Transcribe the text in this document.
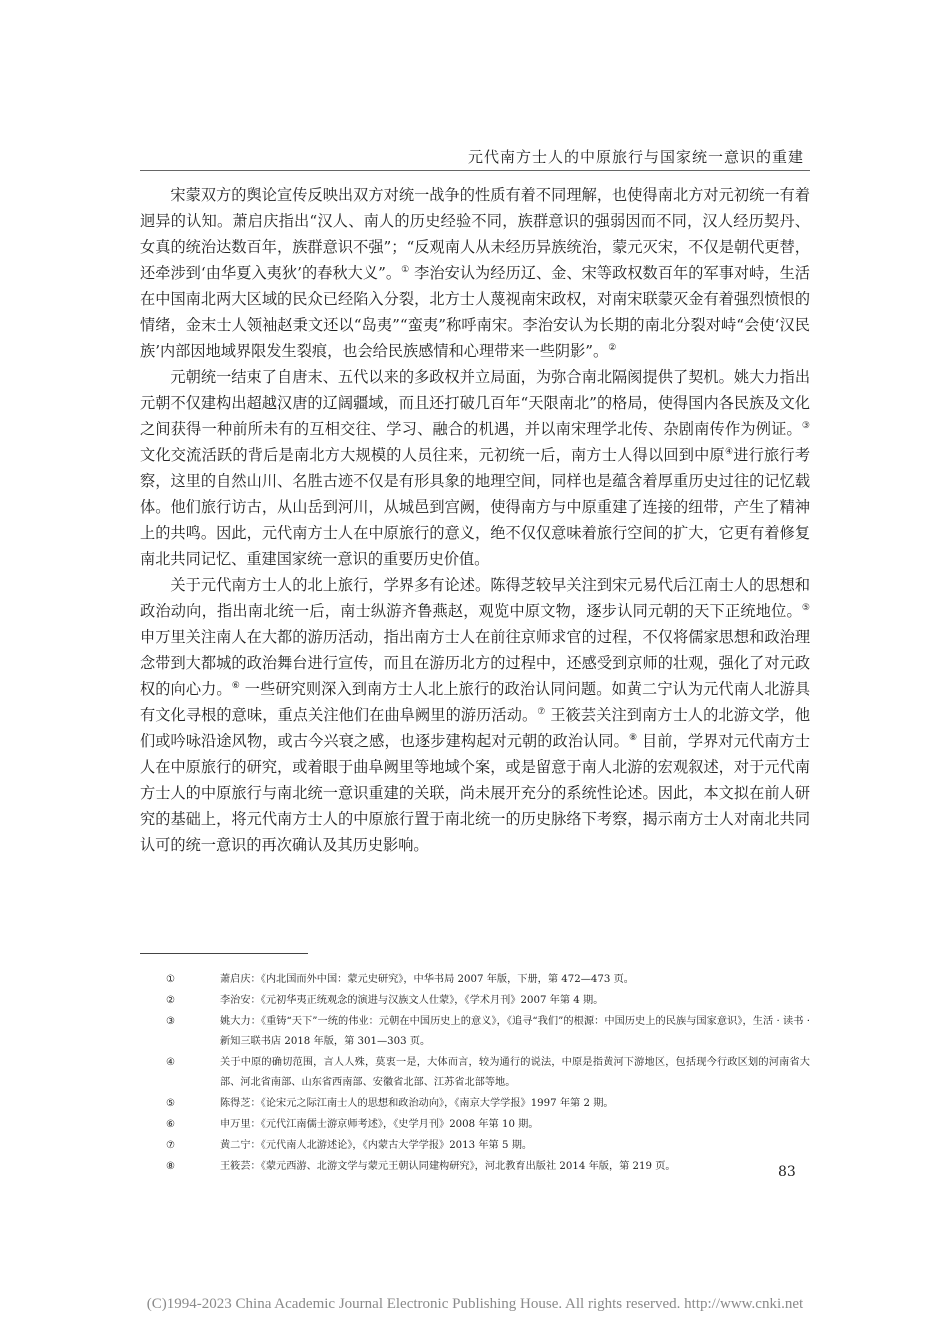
元代南方士人的中原旅行与国家统一意识的重建

宋蒙双方的舆论宣传反映出双方对统一战争的性质有着不同理解，也使得南北方对元初统一有着迥异的认知。萧启庆指出“汉人、南人的历史经验不同，族群意识的强弱因而不同，汉人经历契丹、女真的统治达数百年，族群意识不强”；“反观南人从未经历异族统治，蒙元灭宋，不仅是朝代更替，还牵涉到‘由华夏入夷狄’的春秋大义”。① 李治安认为经历辽、金、宋等政权数百年的军事对峙，生活在中国南北两大区域的民众已经陷入分裂，北方士人蔑视南宋政权，对南宋联蒙灭金有着强烈愤恨的情绪，金末士人领袖赵秉文还以“岛夷”“蛮夷”称呼南宋。李治安认为长期的南北分裂对峙“会使‘汉民族’内部因地域界限发生裂痕，也会给民族感情和心理带来一些阴影”。②

元朝统一结束了自唐末、五代以来的多政权并立局面，为弥合南北隔阂提供了契机。姚大力指出元朝不仅建构出超越汉唐的辽阔疆域，而且还打破几百年“天限南北”的格局，使得国内各民族及文化之间获得一种前所未有的互相交往、学习、融合的机遇，并以南宋理学北传、杂剧南传作为例证。③ 文化交流活跃的背后是南北方大规模的人员往来，元初统一后，南方士人得以回到中原④进行旅行考察，这里的自然山川、名胜古迹不仅是有形具象的地理空间，同样也是蕴含着厚重历史过往的记忆载体。他们旅行访古，从山岳到河川，从城邑到宫阙，使得南方与中原重建了连接的纽带，产生了精神上的共鸣。因此，元代南方士人在中原旅行的意义，绝不仅仅意味着旅行空间的扩大，它更有着修复南北共同记忆、重建国家统一意识的重要历史价值。

关于元代南方士人的北上旅行，学界多有论述。陈得芝较早关注到宋元易代后江南士人的思想和政治动向，指出南北统一后，南士纵游齐鲁燕赵，观览中原文物，逐步认同元朝的天下正统地位。⑤ 申万里关注南人在大都的游历活动，指出南方士人在前往京师求官的过程，不仅将儒家思想和政治理念带到大都城的政治舞台进行宣传，而且在游历北方的过程中，还感受到京师的壮观，强化了对元政权的向心力。⑥ 一些研究则深入到南方士人北上旅行的政治认同问题。如黄二宁认为元代南人北游具有文化寻根的意味，重点关注他们在曲阜阙里的游历活动。⑦ 王筱芸关注到南方士人的北游文学，他们或吟咏沿途风物，或古今兴衰之感，也逐步建构起对元朝的政治认同。⑧ 目前，学界对元代南方士人在中原旅行的研究，或着眼于曲阜阙里等地域个案，或是留意于南人北游的宏观叙述，对于元代南方士人的中原旅行与南北统一意识重建的关联，尚未展开充分的系统性论述。因此，本文拟在前人研究的基础上，将元代南方士人的中原旅行置于南北统一的历史脉络下考察，揭示南方士人对南北共同认可的统一意识的再次确认及其历史影响。

①	萧启庆：《内北国而外中国：蒙元史研究》，中华书局 2007 年版，下册，第 472—473 页。
②	李治安：《元初华夷正统观念的演进与汉族文人仕蒙》，《学术月刊》2007 年第 4 期。
③	姚大力：《重铸“天下”一统的伟业：元朝在中国历史上的意义》，《追寻“我们”的根源：中国历史上的民族与国家意识》，生活 · 读书 · 新知三联书店 2018 年版，第 301—303 页。
④	关于中原的确切范围，言人人殊，莫衷一是，大体而言，较为通行的说法，中原是指黄河下游地区，包括现今行政区划的河南省大部、河北省南部、山东省西南部、安徽省北部、江苏省北部等地。
⑤	陈得芝：《论宋元之际江南士人的思想和政治动向》，《南京大学学报》1997 年第 2 期。
⑥	申万里：《元代江南儒士游京师考述》，《史学月刊》2008 年第 10 期。
⑦	黄二宁：《元代南人北游述论》，《内蒙古大学学报》2013 年第 5 期。
⑧	王筱芸：《蒙元西游、北游文学与蒙元王朝认同建构研究》，河北教育出版社 2014 年版，第 219 页。	83
(C)1994-2023 China Academic Journal Electronic Publishing House. All rights reserved. http://www.cnki.net
